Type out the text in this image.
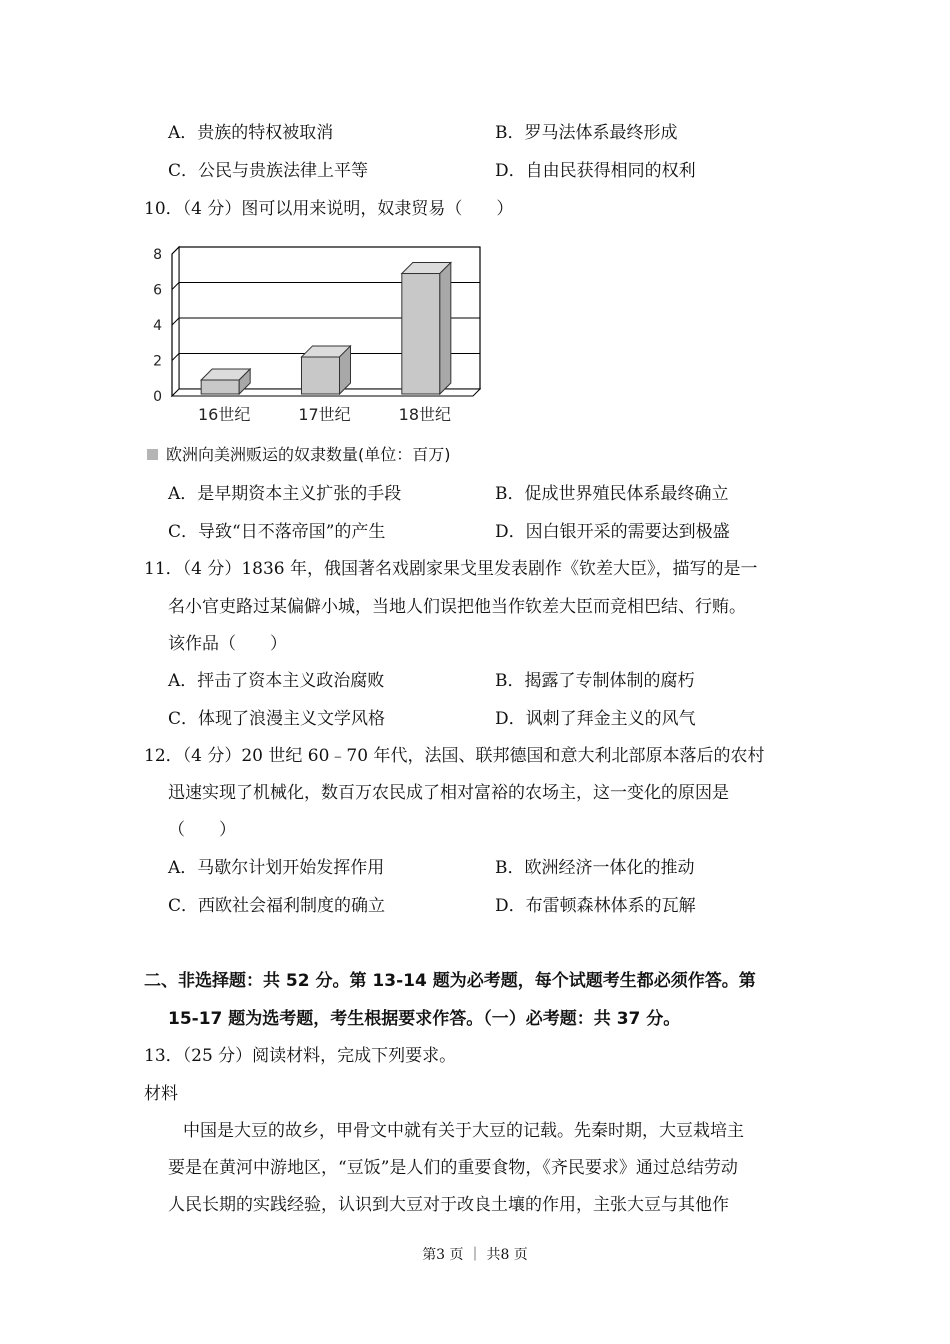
A．贵族的特权被取消	B．罗马法体系最终形成
C．公民与贵族法律上平等	D．自由民获得相同的权利
10．（4 分）图可以用来说明，奴隶贸易（　　）
0
2
4
6
8
16世纪	17世纪	18世纪
欧洲向美洲贩运的奴隶数量(单位：百万)
A．是早期资本主义扩张的手段	B．促成世界殖民体系最终确立
C．导致“日不落帝国”的产生	D．因白银开采的需要达到极盛
11．（4 分）1836 年，俄国著名戏剧家果戈里发表剧作《钦差大臣》，描写的是一
名小官吏路过某偏僻小城，当地人们误把他当作钦差大臣而竞相巴结、行贿。
该作品（　　）
A．抨击了资本主义政治腐败	B．揭露了专制体制的腐朽
C．体现了浪漫主义文学风格	D．讽刺了拜金主义的风气
12．（4 分）20 世纪 60﹣70 年代，法国、联邦德国和意大利北部原本落后的农村
迅速实现了机械化，数百万农民成了相对富裕的农场主，这一变化的原因是
（　　）
A．马歇尔计划开始发挥作用	B．欧洲经济一体化的推动
C．西欧社会福利制度的确立	D．布雷顿森林体系的瓦解
二、非选择题：共 52 分。第 13-14 题为必考题，每个试题考生都必须作答。第
15-17 题为选考题，考生根据要求作答。（一）必考题：共 37 分。
13．（25 分）阅读材料，完成下列要求。
材料
中国是大豆的故乡，甲骨文中就有关于大豆的记载。先秦时期，大豆栽培主
要是在黄河中游地区，“豆饭”是人们的重要食物，《齐民要求》通过总结劳动
人民长期的实践经验，认识到大豆对于改良土壤的作用，主张大豆与其他作
第3 页 ｜ 共8 页
